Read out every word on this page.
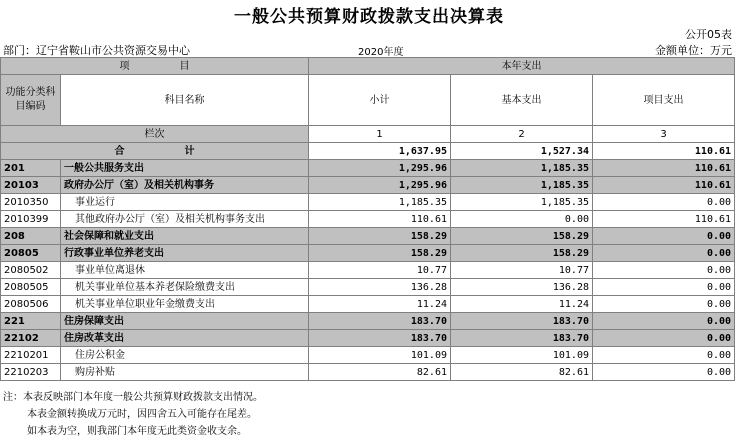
一般公共预算财政拨款支出决算表
公开05表
部门：辽宁省鞍山市公共资源交易中心	2020年度	金额单位：万元
项　　　　　目		本年支出		
功能分类科目编码	科目名称	小计	基本支出	项目支出
栏次		1	2	3
合　　　　　　计		1,637.95	1,527.34	110.61
201	一般公共服务支出	1,295.96	1,185.35	110.61
20103	政府办公厅（室）及相关机构事务	1,295.96	1,185.35	110.61
2010350	事业运行	1,185.35	1,185.35	0.00
2010399	其他政府办公厅（室）及相关机构事务支出	110.61	0.00	110.61
208	社会保障和就业支出	158.29	158.29	0.00
20805	行政事业单位养老支出	158.29	158.29	0.00
2080502	事业单位离退休	10.77	10.77	0.00
2080505	机关事业单位基本养老保险缴费支出	136.28	136.28	0.00
2080506	机关事业单位职业年金缴费支出	11.24	11.24	0.00
221	住房保障支出	183.70	183.70	0.00
22102	住房改革支出	183.70	183.70	0.00
2210201	住房公积金	101.09	101.09	0.00
2210203	购房补贴	82.61	82.61	0.00
注：本表反映部门本年度一般公共预算财政拨款支出情况。
本表金额转换成万元时，因四舍五入可能存在尾差。
如本表为空，则我部门本年度无此类资金收支余。
